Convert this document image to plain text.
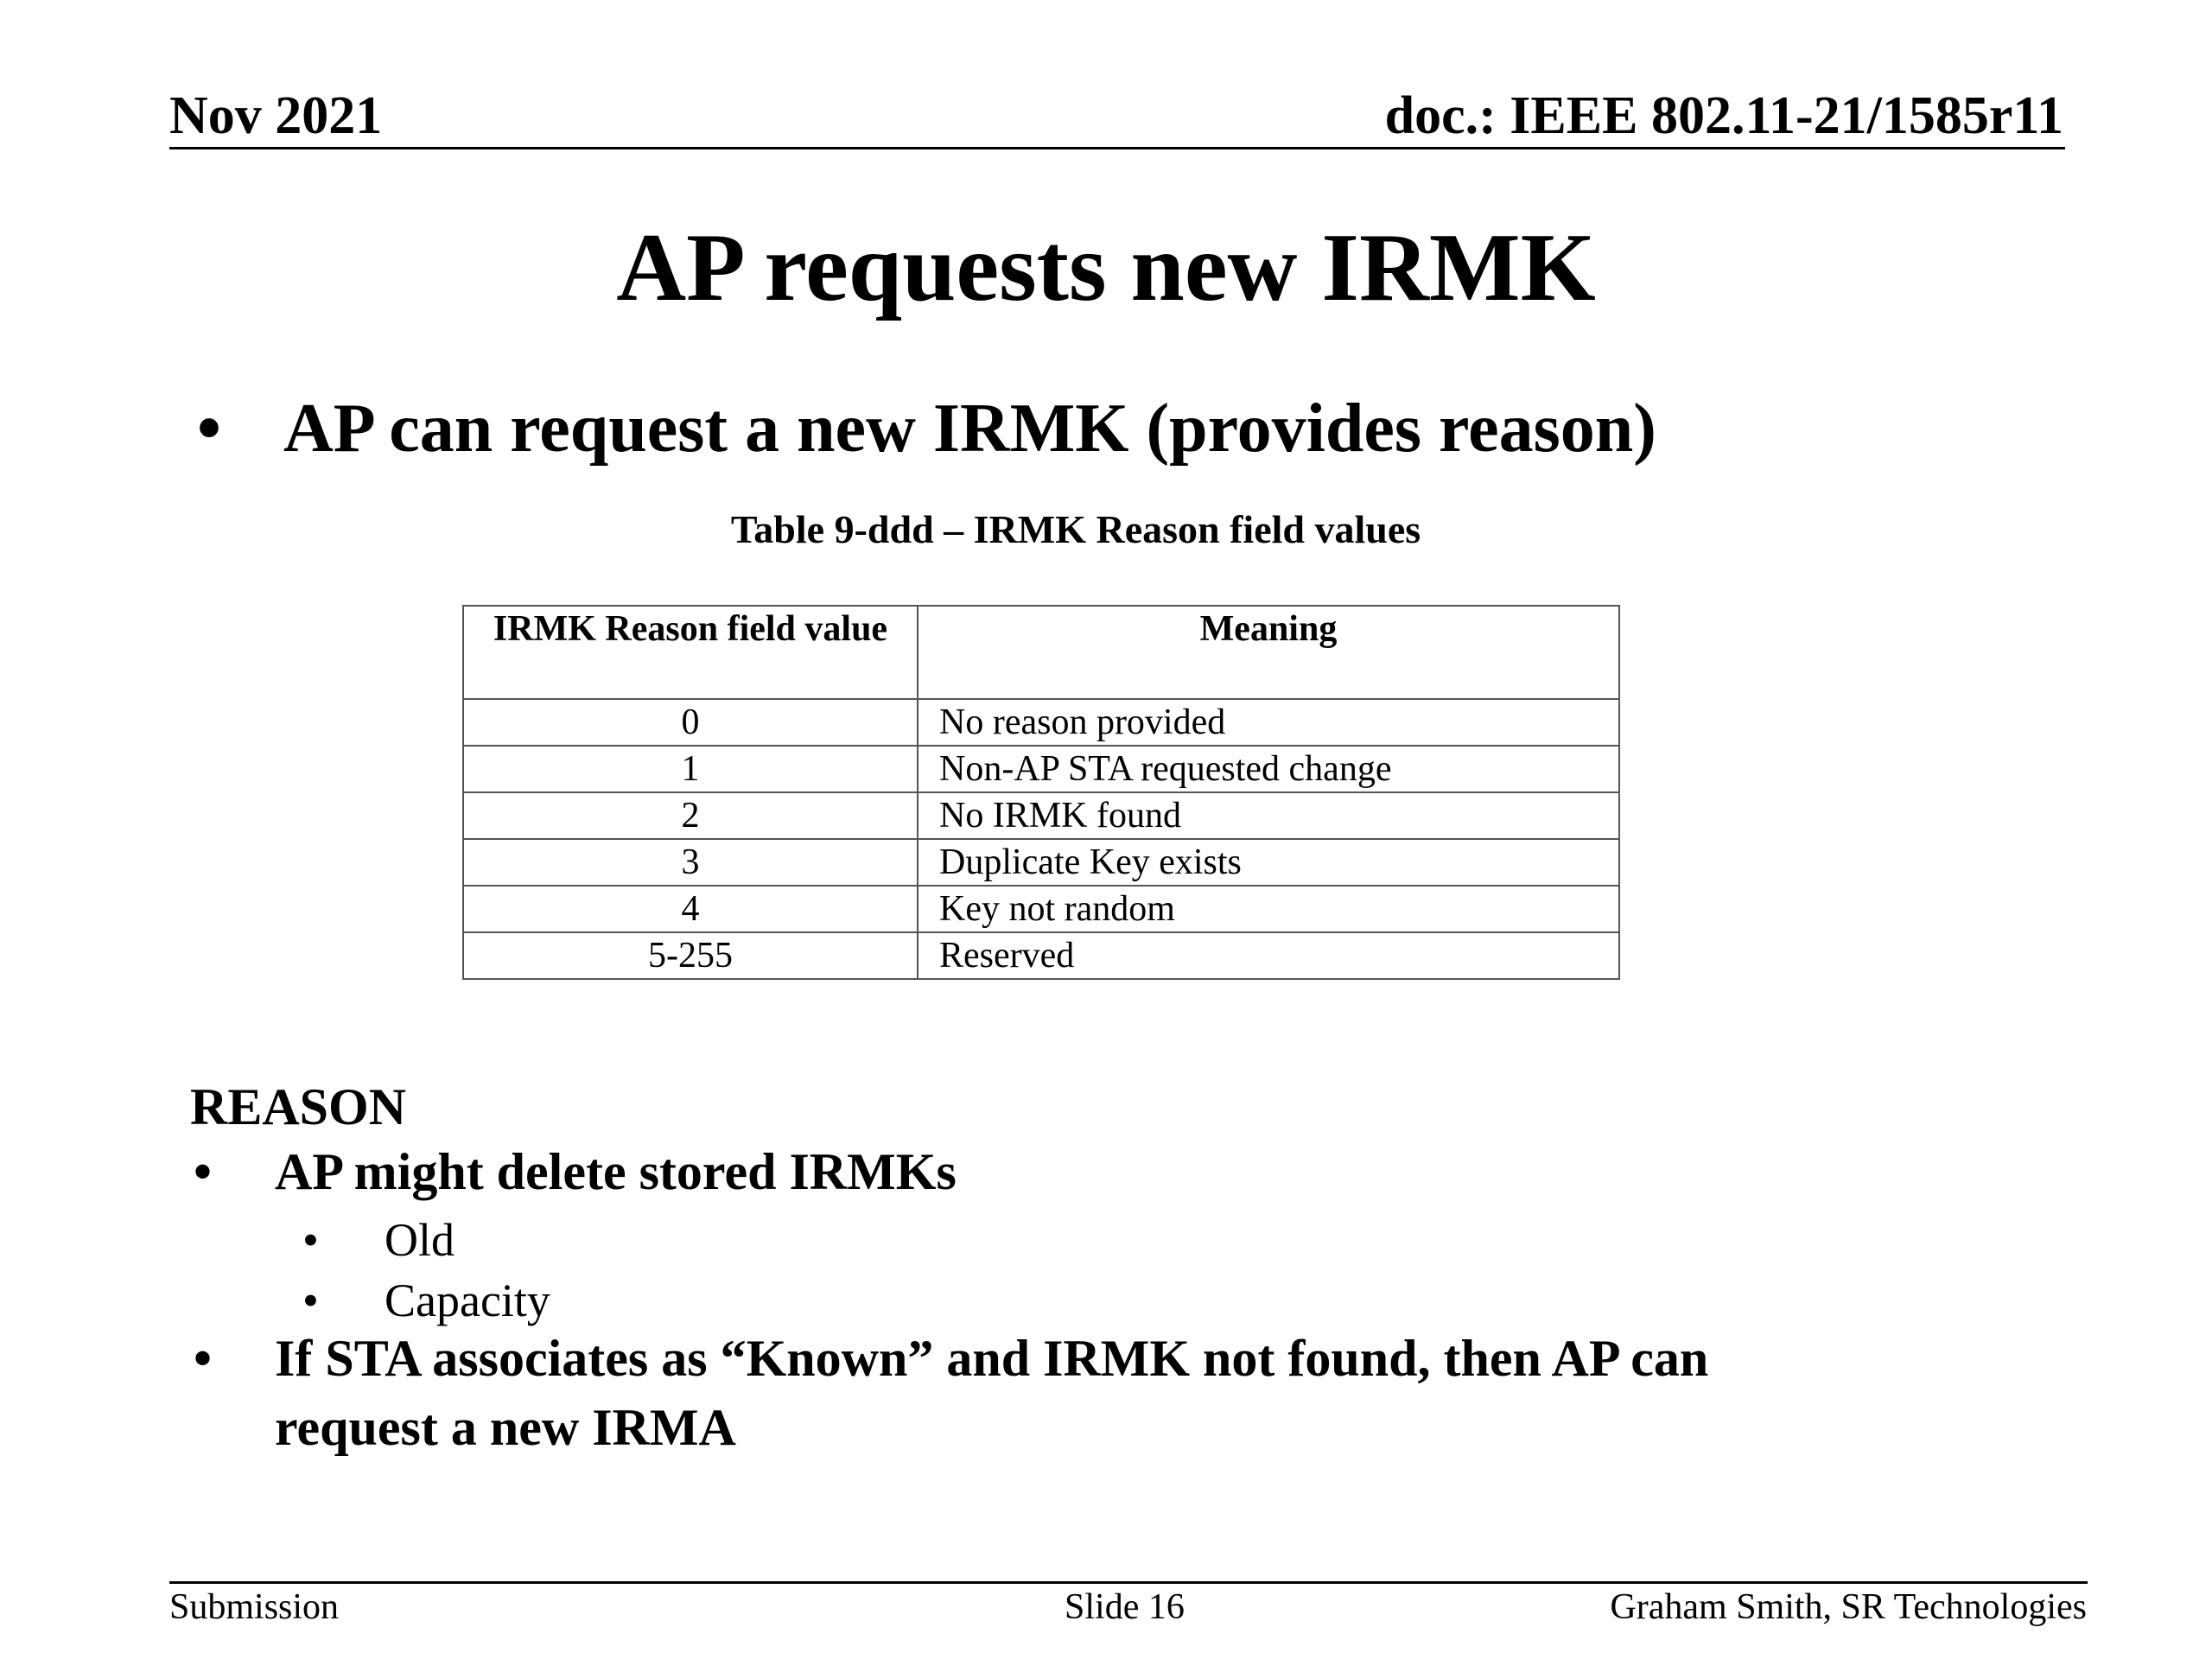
Nov 2021	doc.: IEEE 802.11-21/1585r11
AP requests new IRMK
• AP can request a new IRMK (provides reason)
Table 9-ddd – IRMK Reason field values
IRMK Reason field value	Meaning
0	No reason provided
1	Non-AP STA requested change
2	No IRMK found
3	Duplicate Key exists
4	Key not random
5-255	Reserved
REASON
• AP might delete stored IRMKs
• Old
• Capacity
• If STA associates as “Known” and IRMK not found, then AP can
request a new IRMA
Submission	Slide 16	Graham Smith, SR Technologies
